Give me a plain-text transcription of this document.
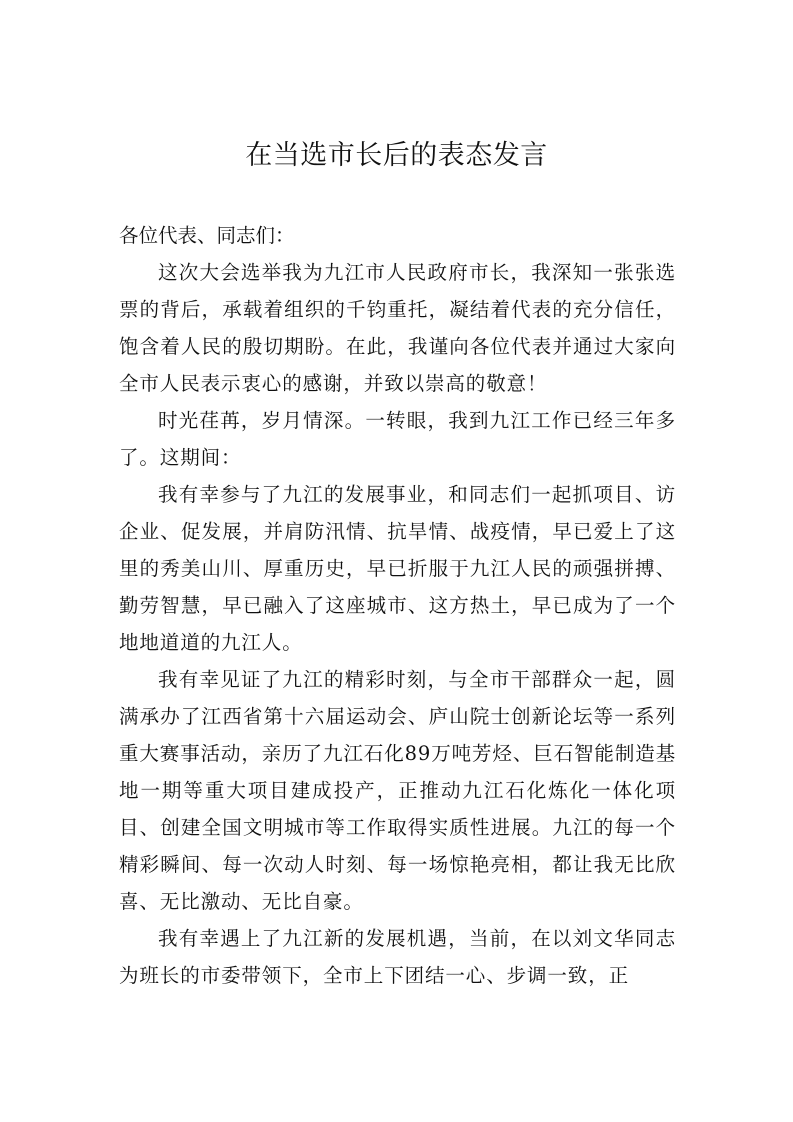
在当选市长后的表态发言

各位代表、同志们：

这次大会选举我为九江市人民政府市长，我深知一张张选票的背后，承载着组织的千钧重托，凝结着代表的充分信任，饱含着人民的殷切期盼。在此，我谨向各位代表并通过大家向全市人民表示衷心的感谢，并致以崇高的敬意！

时光荏苒，岁月情深。一转眼，我到九江工作已经三年多了。这期间：

我有幸参与了九江的发展事业，和同志们一起抓项目、访企业、促发展，并肩防汛情、抗旱情、战疫情，早已爱上了这里的秀美山川、厚重历史，早已折服于九江人民的顽强拼搏、勤劳智慧，早已融入了这座城市、这方热土，早已成为了一个地地道道的九江人。

我有幸见证了九江的精彩时刻，与全市干部群众一起，圆满承办了江西省第十六届运动会、庐山院士创新论坛等一系列重大赛事活动，亲历了九江石化89万吨芳烃、巨石智能制造基地一期等重大项目建成投产，正推动九江石化炼化一体化项目、创建全国文明城市等工作取得实质性进展。九江的每一个精彩瞬间、每一次动人时刻、每一场惊艳亮相，都让我无比欣喜、无比激动、无比自豪。

我有幸遇上了九江新的发展机遇，当前，在以刘文华同志为班长的市委带领下，全市上下团结一心、步调一致，正
